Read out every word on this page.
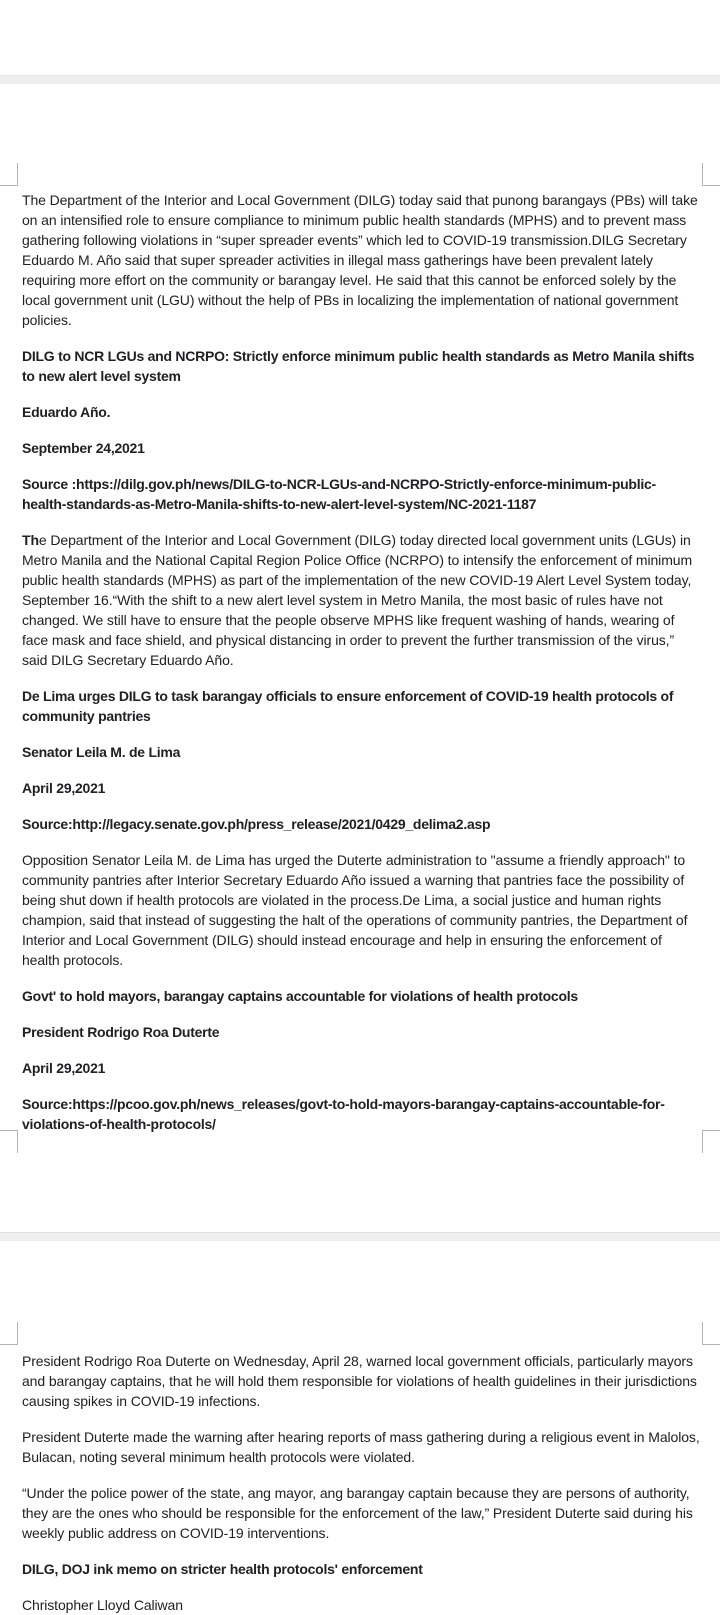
The Department of the Interior and Local Government (DILG) today said that punong barangays (PBs) will take on an intensified role to ensure compliance to minimum public health standards (MPHS) and to prevent mass gathering following violations in “super spreader events” which led to COVID-19 transmission.DILG Secretary Eduardo M. Año said that super spreader activities in illegal mass gatherings have been prevalent lately requiring more effort on the community or barangay level. He said that this cannot be enforced solely by the local government unit (LGU) without the help of PBs in localizing the implementation of national government policies.

DILG to NCR LGUs and NCRPO: Strictly enforce minimum public health standards as Metro Manila shifts to new alert level system

Eduardo Año.

September 24,2021

Source :https://dilg.gov.ph/news/DILG-to-NCR-LGUs-and-NCRPO-Strictly-enforce-minimum-public-health-standards-as-Metro-Manila-shifts-to-new-alert-level-system/NC-2021-1187

The Department of the Interior and Local Government (DILG) today directed local government units (LGUs) in Metro Manila and the National Capital Region Police Office (NCRPO) to intensify the enforcement of minimum public health standards (MPHS) as part of the implementation of the new COVID-19 Alert Level System today, September 16.“With the shift to a new alert level system in Metro Manila, the most basic of rules have not changed. We still have to ensure that the people observe MPHS like frequent washing of hands, wearing of face mask and face shield, and physical distancing in order to prevent the further transmission of the virus,” said DILG Secretary Eduardo Año.

De Lima urges DILG to task barangay officials to ensure enforcement of COVID-19 health protocols of community pantries

Senator Leila M. de Lima

April 29,2021

Source:http://legacy.senate.gov.ph/press_release/2021/0429_delima2.asp

Opposition Senator Leila M. de Lima has urged the Duterte administration to "assume a friendly approach" to community pantries after Interior Secretary Eduardo Año issued a warning that pantries face the possibility of being shut down if health protocols are violated in the process.De Lima, a social justice and human rights champion, said that instead of suggesting the halt of the operations of community pantries, the Department of Interior and Local Government (DILG) should instead encourage and help in ensuring the enforcement of health protocols.

Govt' to hold mayors, barangay captains accountable for violations of health protocols

President Rodrigo Roa Duterte

April 29,2021

Source:https://pcoo.gov.ph/news_releases/govt-to-hold-mayors-barangay-captains-accountable-for-violations-of-health-protocols/

President Rodrigo Roa Duterte on Wednesday, April 28, warned local government officials, particularly mayors and barangay captains, that he will hold them responsible for violations of health guidelines in their jurisdictions causing spikes in COVID-19 infections.

President Duterte made the warning after hearing reports of mass gathering during a religious event in Malolos, Bulacan, noting several minimum health protocols were violated.

“Under the police power of the state, ang mayor, ang barangay captain because they are persons of authority, they are the ones who should be responsible for the enforcement of the law,” President Duterte said during his weekly public address on COVID-19 interventions.

DILG, DOJ ink memo on stricter health protocols' enforcement

Christopher Lloyd Caliwan
